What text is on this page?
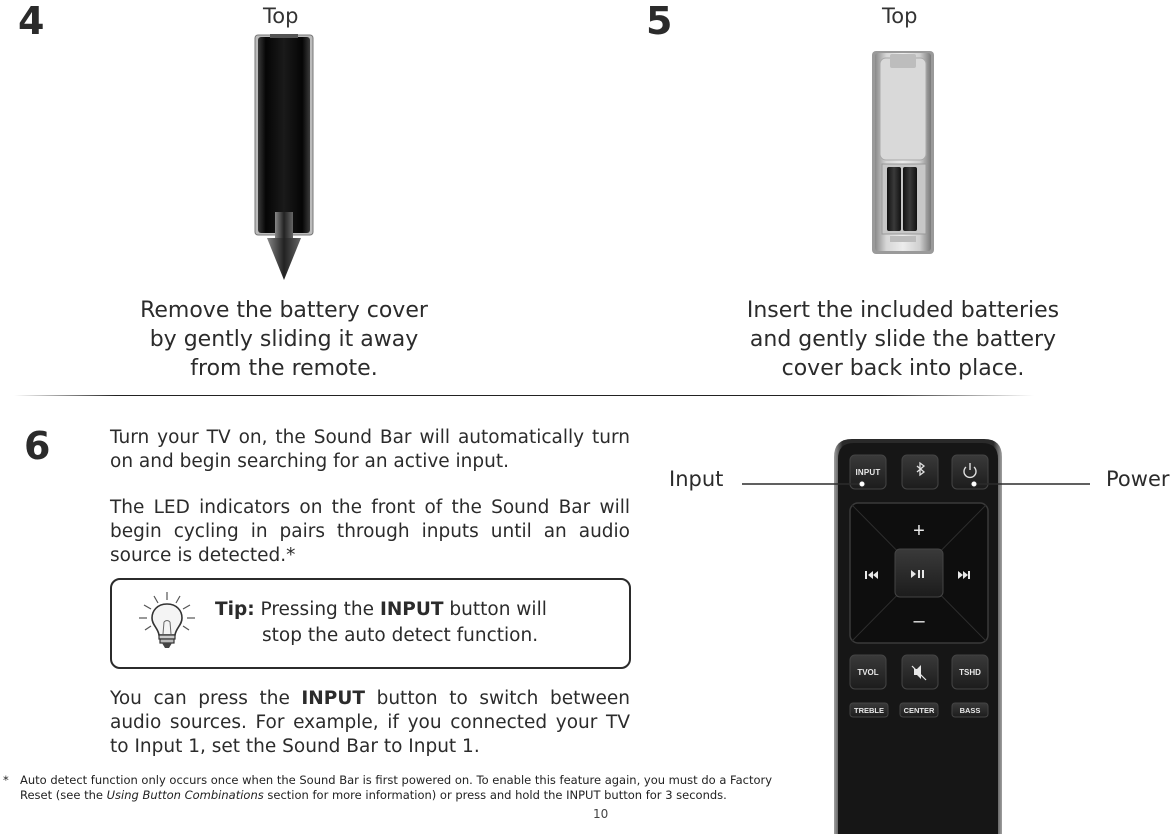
4	Top
Remove the battery cover
by gently sliding it away
from the remote.
5	Top
Insert the included batteries
and gently slide the battery
cover back into place.
6	Turn your TV on, the Sound Bar will automatically turn on and begin searching for an active input.
The LED indicators on the front of the Sound Bar will begin cycling in pairs through inputs until an audio source is detected.*
Tip: Pressing the INPUT button will
stop the auto detect function.
You can press the INPUT button to switch between audio sources. For example, if you connected your TV to Input 1, set the Sound Bar to Input 1.
Input	Power
INPUT
+
–
TVOL	TSHD
TREBLE	CENTER	BASS
* Auto detect function only occurs once when the Sound Bar is first powered on. To enable this feature again, you must do a Factory
Reset (see the Using Button Combinations section for more information) or press and hold the INPUT button for 3 seconds.
10
